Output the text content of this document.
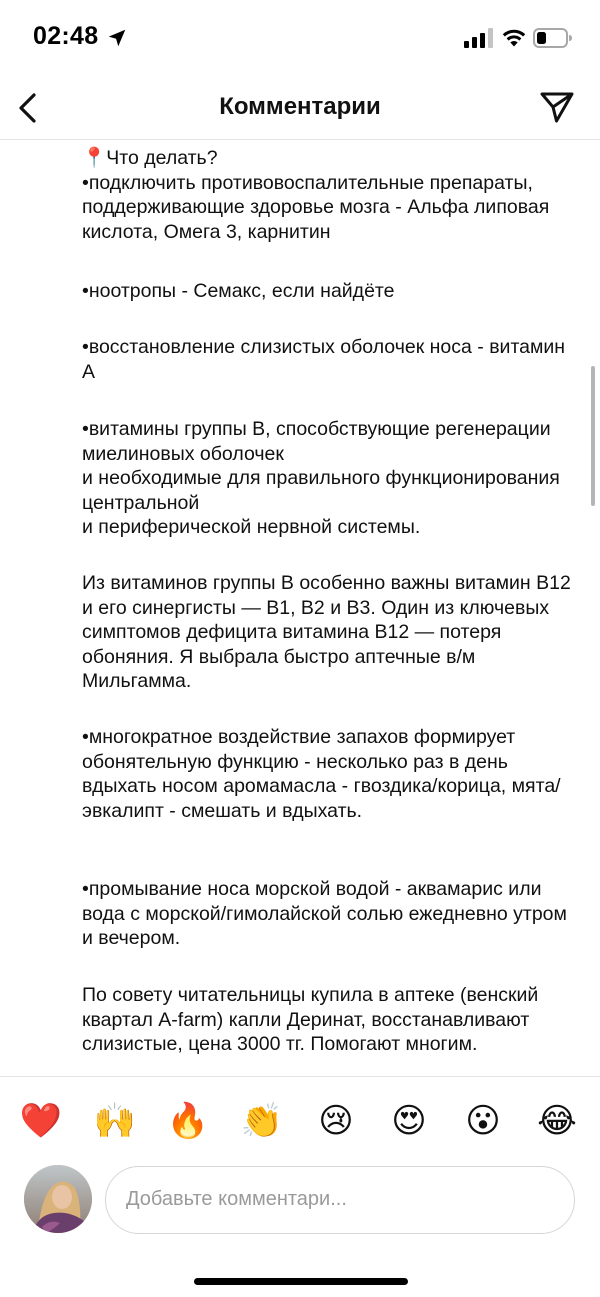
02:48
Комментарии
📍Что делать?
•подключить противовоспалительные препараты, поддерживающие здоровье мозга - Альфа липовая кислота, Омега 3, карнитин
•ноотропы - Семакс, если найдёте
•восстановление слизистых оболочек носа - витамин А
•витамины группы В, способствующие регенерации миелиновых оболочек
и необходимые для правильного функционирования центральной
и периферической нервной системы.
Из витаминов группы В особенно важны витамин В12 и его синергисты — В1, В2 и В3. Один из ключевых симптомов дефицита витамина В12 — потеря обоняния. Я выбрала быстро аптечные в/м Мильгамма.
•многократное воздействие запахов формирует обонятельную функцию - несколько раз в день вдыхать носом аромамасла - гвоздика/корица, мята/эвкалипт - смешать и вдыхать.
•промывание носа морской водой - аквамарис или вода с морской/гимолайской солью ежедневно утром и вечером.
По совету читательницы купила в аптеке (венский квартал A-farm) капли Деринат, восстанавливают слизистые, цена 3000 тг. Помогают многим.
❤️ 🙌 🔥 👏 😢 😍 😮 😂
Добавьте комментари...
